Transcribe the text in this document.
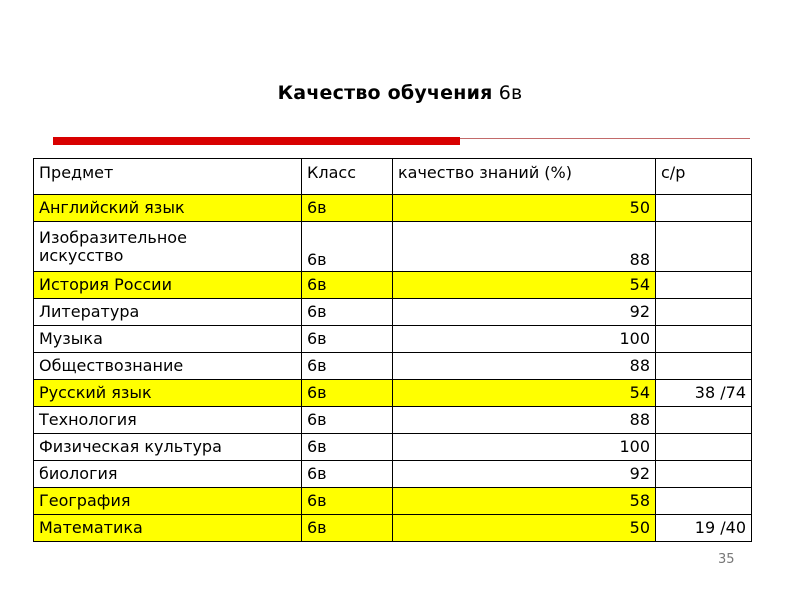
Качество обучения 6в
Предмет	Класс	качество знаний (%)	с/р
Английский язык	6в	50	

Изобразительное
искусство	6в	88	
История России	6в	54	
Литература	6в	92	
Музыка	6в	100	
Обществознание	6в	88	
Русский язык	6в	54	38 /74
Технология	6в	88	
Физическая культура	6в	100	
биология	6в	92	
География	6в	58	
Математика	6в	50	19 /40
35
